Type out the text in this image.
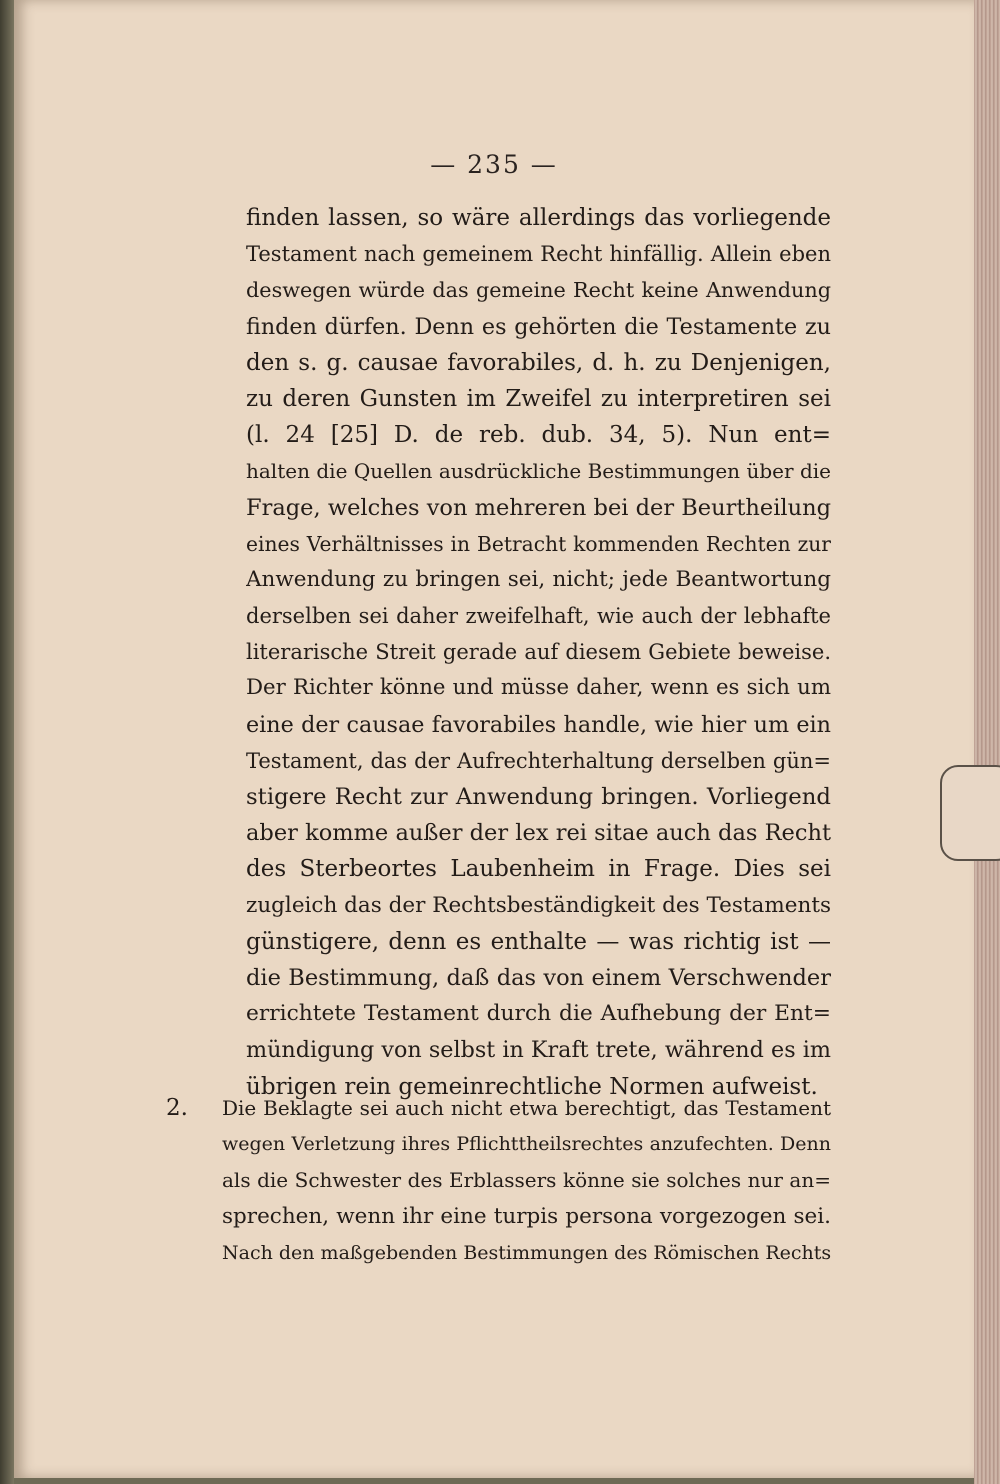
— 235 —
finden lassen, so wäre allerdings das vorliegende
Testament nach gemeinem Recht hinfällig. Allein eben
deswegen würde das gemeine Recht keine Anwendung
finden dürfen. Denn es gehörten die Testamente zu
den s. g. causae favorabiles, d. h. zu Denjenigen,
zu deren Gunsten im Zweifel zu interpretiren sei
(l. 24 [25] D. de reb. dub. 34, 5). Nun ent=
halten die Quellen ausdrückliche Bestimmungen über die
Frage, welches von mehreren bei der Beurtheilung
eines Verhältnisses in Betracht kommenden Rechten zur
Anwendung zu bringen sei, nicht; jede Beantwortung
derselben sei daher zweifelhaft, wie auch der lebhafte
literarische Streit gerade auf diesem Gebiete beweise.
Der Richter könne und müsse daher, wenn es sich um
eine der causae favorabiles handle, wie hier um ein
Testament, das der Aufrechterhaltung derselben gün=
stigere Recht zur Anwendung bringen. Vorliegend
aber komme außer der lex rei sitae auch das Recht
des Sterbeortes Laubenheim in Frage. Dies sei
zugleich das der Rechtsbeständigkeit des Testaments
günstigere, denn es enthalte — was richtig ist —
die Bestimmung, daß das von einem Verschwender
errichtete Testament durch die Aufhebung der Ent=
mündigung von selbst in Kraft trete, während es im
übrigen rein gemeinrechtliche Normen aufweist.
2.	Die Beklagte sei auch nicht etwa berechtigt, das Testament
wegen Verletzung ihres Pflichttheilsrechtes anzufechten. Denn
als die Schwester des Erblassers könne sie solches nur an=
sprechen, wenn ihr eine turpis persona vorgezogen sei.
Nach den maßgebenden Bestimmungen des Römischen Rechts
